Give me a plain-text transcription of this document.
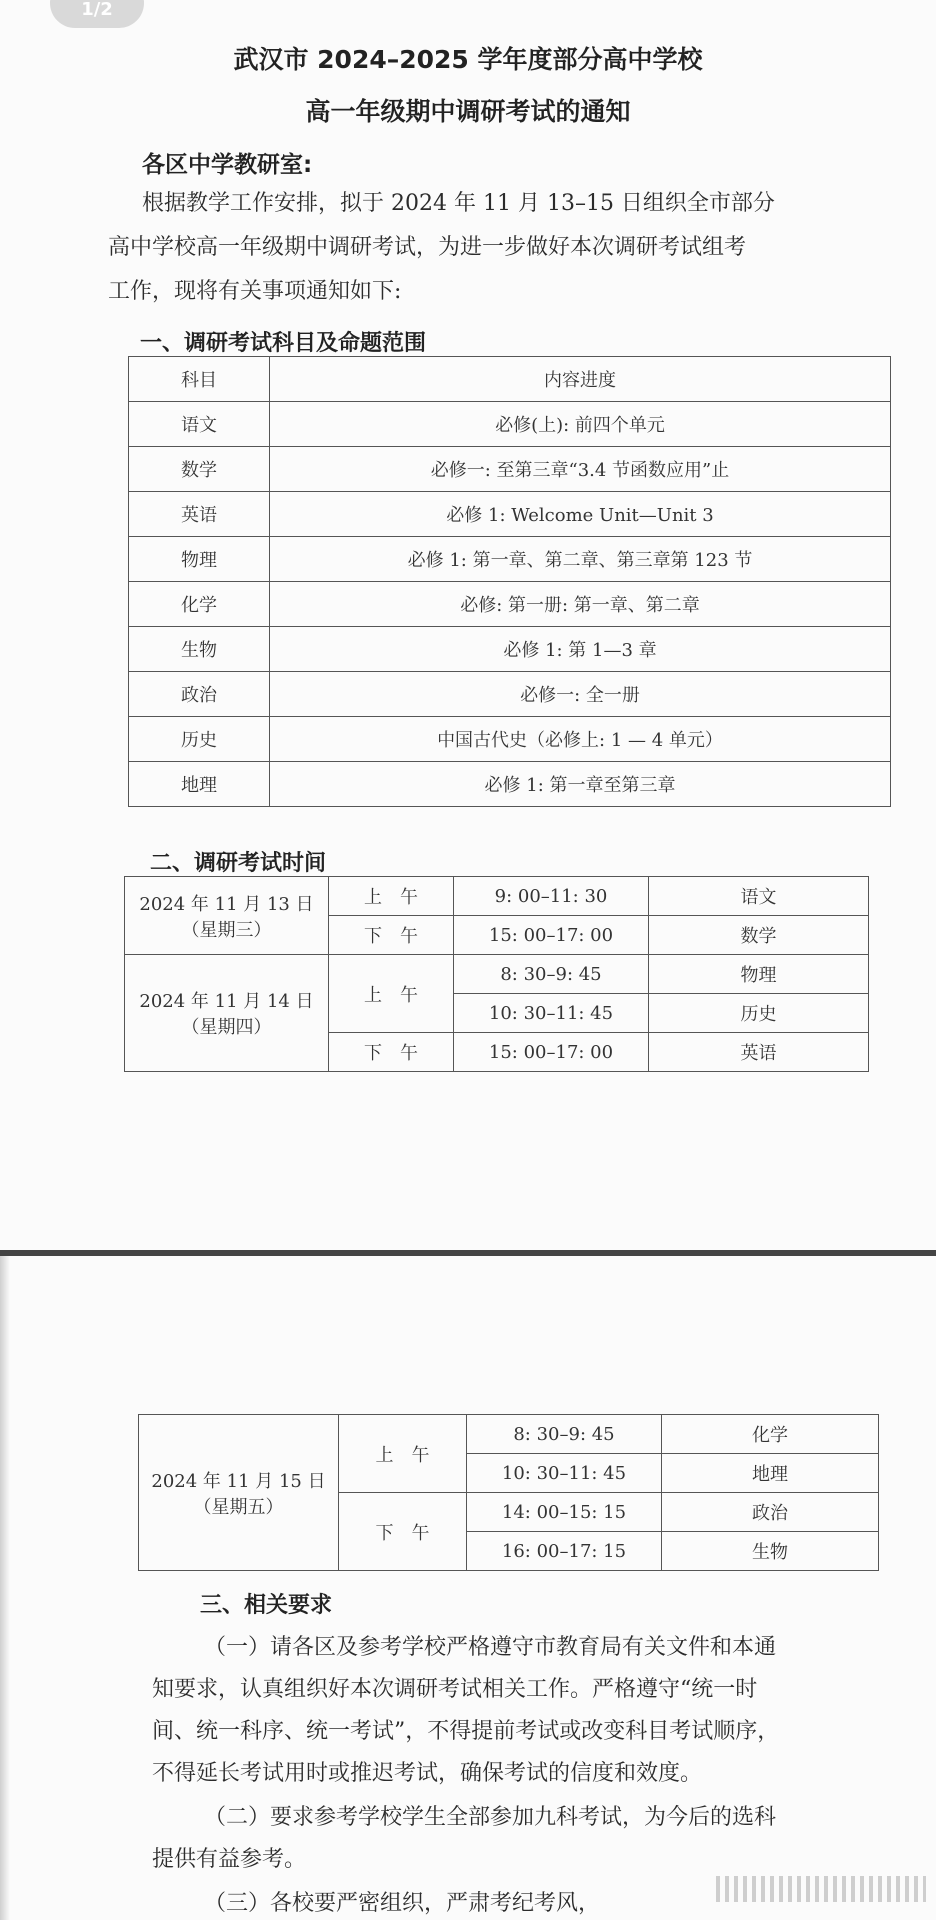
1/2
武汉市 2024–2025 学年度部分高中学校
高一年级期中调研考试的通知
各区中学教研室:
根据教学工作安排，拟于 2024 年 11 月 13–15 日组织全市部分
高中学校高一年级期中调研考试，为进一步做好本次调研考试组考
工作，现将有关事项通知如下:
一、调研考试科目及命题范围
科目	内容进度
语文	必修(上): 前四个单元
数学	必修一: 至第三章“3.4 节函数应用”止
英语	必修 1: Welcome Unit—Unit 3
物理	必修 1: 第一章、第二章、第三章第 123 节
化学	必修: 第一册: 第一章、第二章
生物	必修 1: 第 1—3 章
政治	必修一: 全一册
历史	中国古代史（必修上: 1 — 4 单元）
地理	必修 1: 第一章至第三章
二、调研考试时间
2024 年 11 月 13 日
（星期三）	上　午	9: 00–11: 30	语文
	下　午	15: 00–17: 00	数学

2024 年 11 月 14 日
（星期四）	上　午	8: 30–9: 45	物理
		10: 30–11: 45	历史
	下　午	15: 00–17: 00	英语
2024 年 11 月 15 日
（星期五）	上　午	8: 30–9: 45	化学
		10: 30–11: 45	地理
	下　午	14: 00–15: 15	政治
		16: 00–17: 15	生物
三、相关要求
（一）请各区及参考学校严格遵守市教育局有关文件和本通
知要求，认真组织好本次调研考试相关工作。严格遵守“统一时
间、统一科序、统一考试”，不得提前考试或改变科目考试顺序，
不得延长考试用时或推迟考试，确保考试的信度和效度。
（二）要求参考学校学生全部参加九科考试，为今后的选科
提供有益参考。
（三）各校要严密组织，严肃考纪考风，
